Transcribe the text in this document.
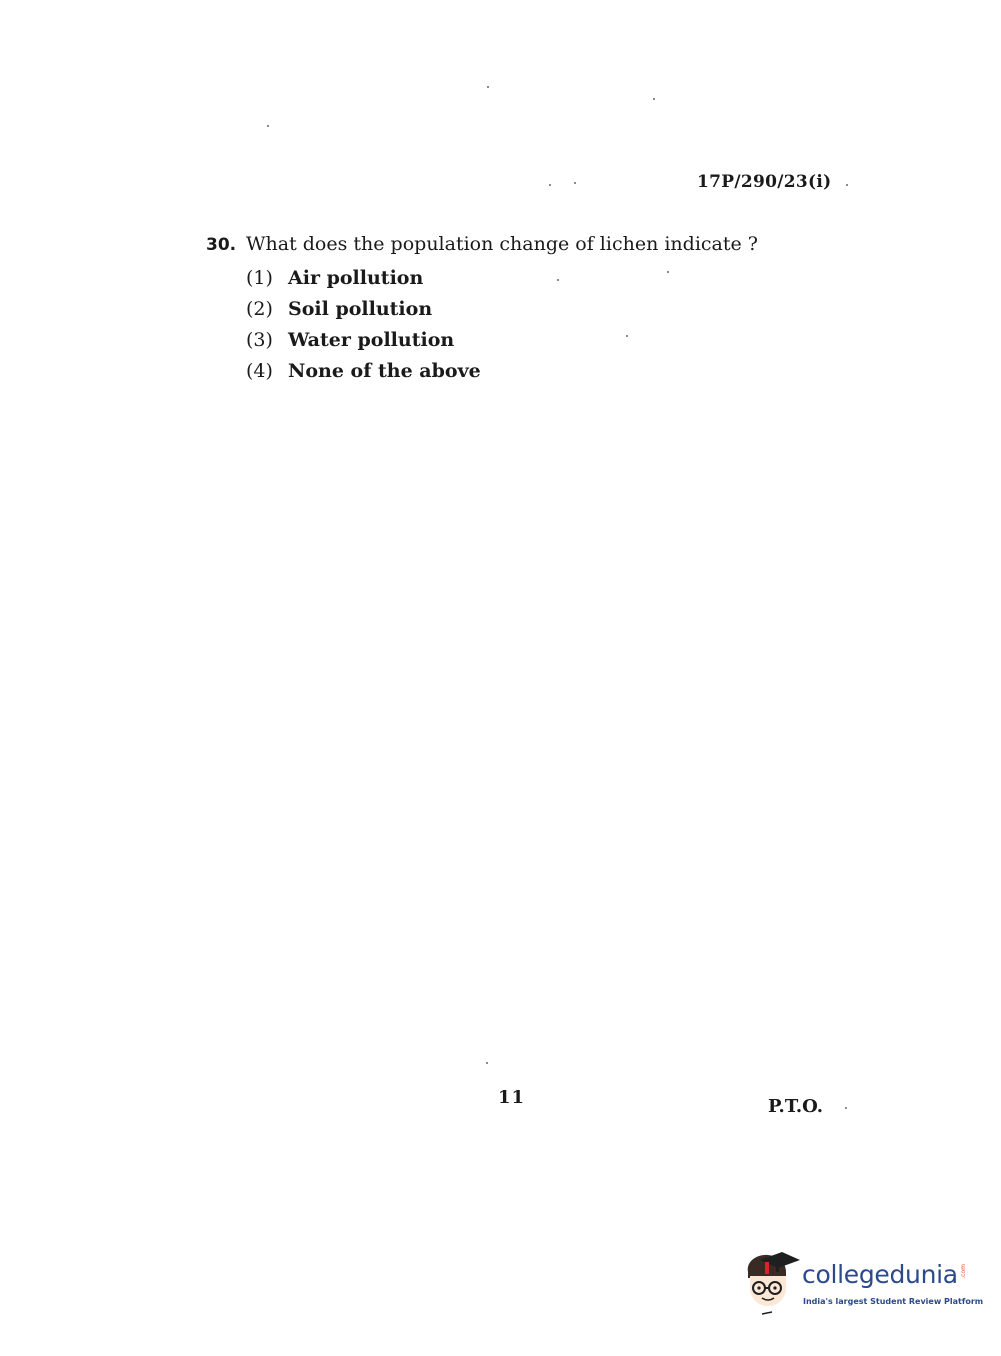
17P/290/23(i)
30. What does the population change of lichen indicate ?
(1) Air pollution
(2) Soil pollution
(3) Water pollution
(4) None of the above
11	P.T.O.
collegedunia .com
India's largest Student Review Platform
